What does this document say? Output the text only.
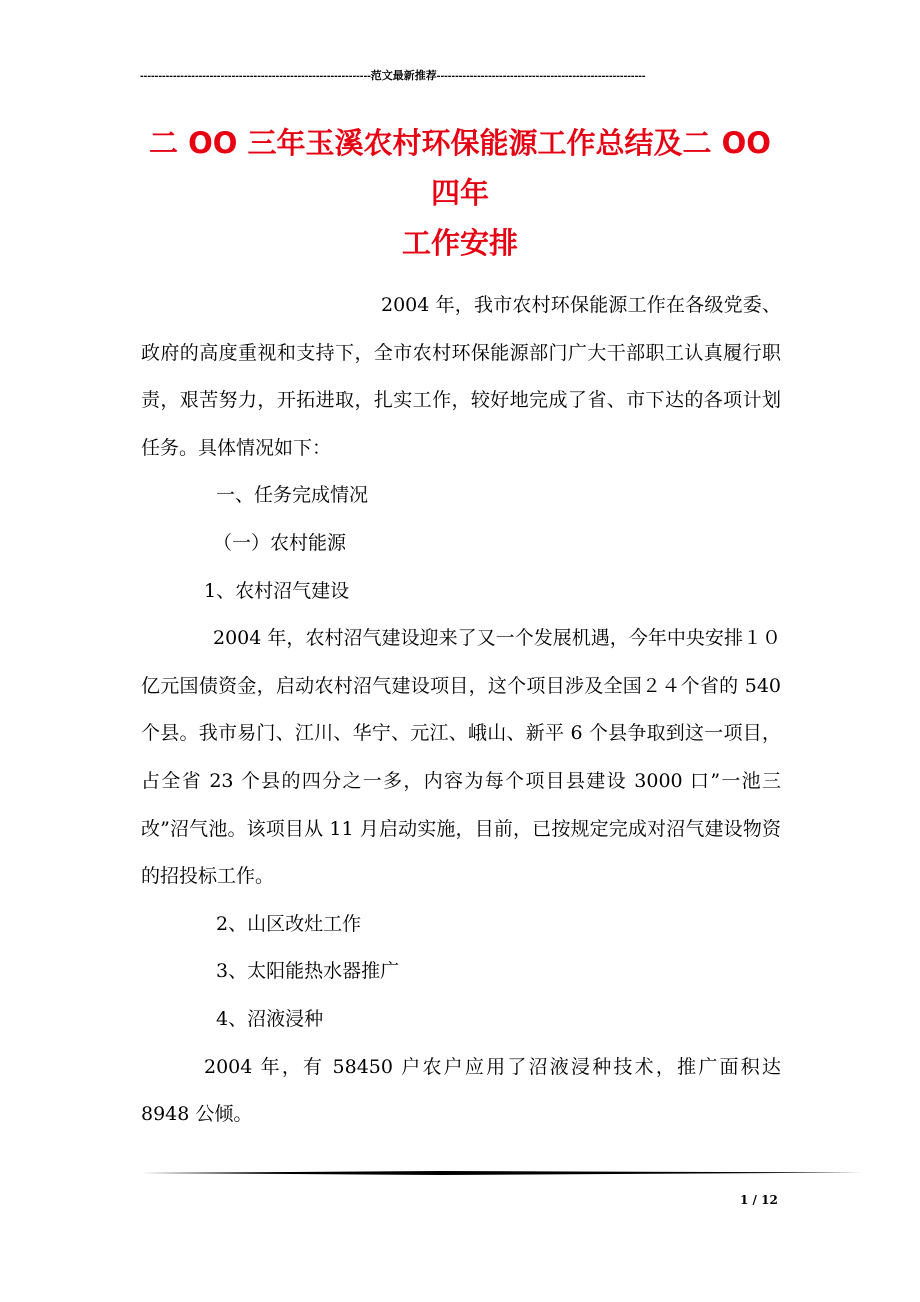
---------------------------------------------------------------范文最新推荐---------------------------------------------------------
二 OO 三年玉溪农村环保能源工作总结及二 OO 四年
工作安排

2004 年，我市农村环保能源工作在各级党委、政府的高度重视和支持下，全市农村环保能源部门广大干部职工认真履行职责，艰苦努力，开拓进取，扎实工作，较好地完成了省、市下达的各项计划任务。具体情况如下：

一、任务完成情况

（一）农村能源

1、农村沼气建设

2004 年，农村沼气建设迎来了又一个发展机遇，今年中央安排１０亿元国债资金，启动农村沼气建设项目，这个项目涉及全国２４个省的 540 个县。我市易门、江川、华宁、元江、峨山、新平 6 个县争取到这一项目，占全省 23 个县的四分之一多，内容为每个项目县建设 3000 口”一池三改”沼气池。该项目从 11 月启动实施，目前，已按规定完成对沼气建设物资的招投标工作。

2、山区改灶工作

3、太阳能热水器推广

4、沼液浸种

2004 年，有 58450 户农户应用了沼液浸种技术，推广面积达 8948 公倾。

1 / 12
